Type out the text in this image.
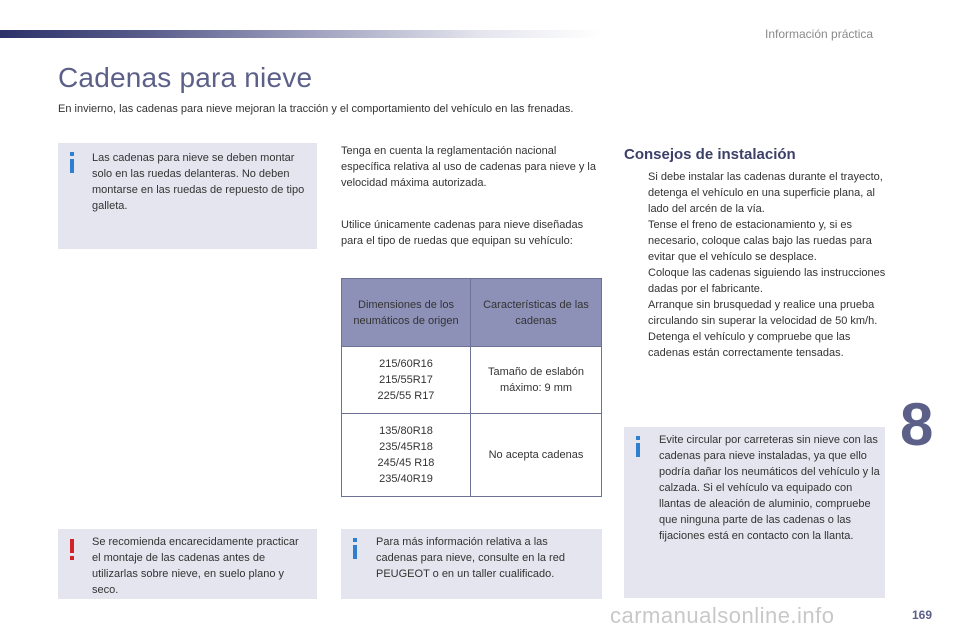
Información práctica
Cadenas para nieve
En invierno, las cadenas para nieve mejoran la tracción y el comportamiento del vehículo en las frenadas.
Las cadenas para nieve se deben montar solo en las ruedas delanteras. No deben montarse en las ruedas de repuesto de tipo galleta.
Tenga en cuenta la reglamentación nacional específica relativa al uso de cadenas para nieve y la velocidad máxima autorizada.
Utilice únicamente cadenas para nieve diseñadas para el tipo de ruedas que equipan su vehículo:
Dimensiones de los neumáticos de origen	Características de las cadenas

215/60R16
215/55R17
225/55 R17	Tamaño de eslabón máximo: 9 mm

135/80R18
235/45R18
245/45 R18
235/40R19	No acepta cadenas
Consejos de instalación
Si debe instalar las cadenas durante el trayecto, detenga el vehículo en una superficie plana, al lado del arcén de la vía.
Tense el freno de estacionamiento y, si es necesario, coloque calas bajo las ruedas para evitar que el vehículo se desplace.
Coloque las cadenas siguiendo las instrucciones dadas por el fabricante.
Arranque sin brusquedad y realice una prueba circulando sin superar la velocidad de 50 km/h.
Detenga el vehículo y compruebe que las cadenas están correctamente tensadas.
Evite circular por carreteras sin nieve con las cadenas para nieve instaladas, ya que ello podría dañar los neumáticos del vehículo y la calzada. Si el vehículo va equipado con llantas de aleación de aluminio, compruebe que ninguna parte de las cadenas o las fijaciones está en contacto con la llanta.
Se recomienda encarecidamente practicar el montaje de las cadenas antes de utilizarlas sobre nieve, en suelo plano y seco.
Para más información relativa a las cadenas para nieve, consulte en la red PEUGEOT o en un taller cualificado.
8
carmanualsonline.info	169
